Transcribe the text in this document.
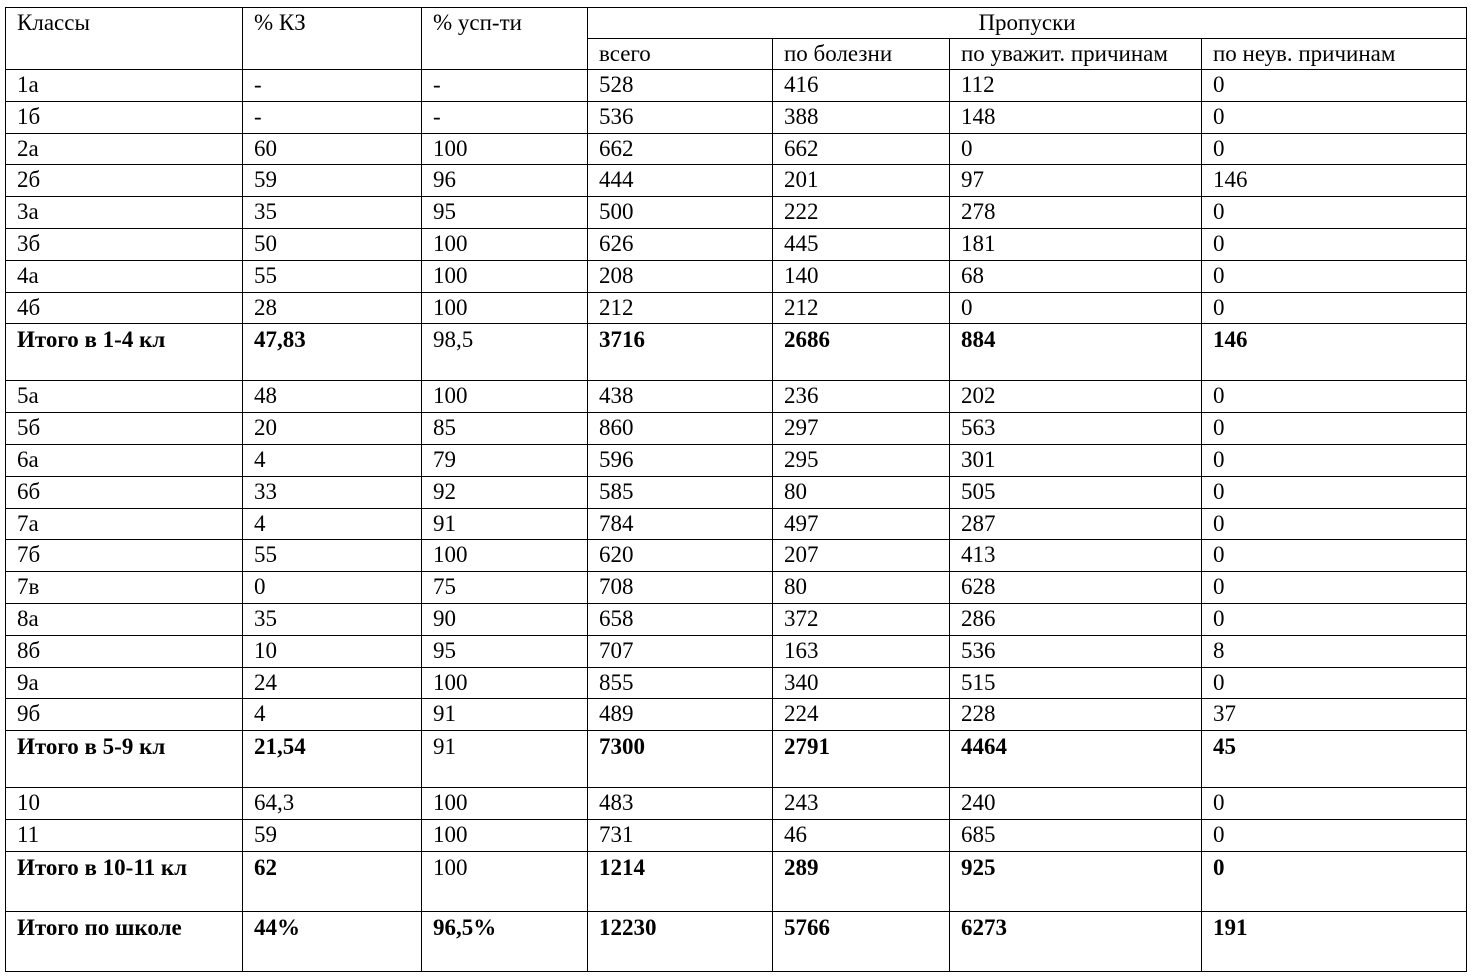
Классы	% КЗ	% усп-ти	Пропуски			
			всего	по болезни	по уважит. причинам	по неув. причинам
1а	-	-	528	416	112	0
1б	-	-	536	388	148	0
2а	60	100	662	662	0	0
2б	59	96	444	201	97	146
3а	35	95	500	222	278	0
3б	50	100	626	445	181	0
4а	55	100	208	140	68	0
4б	28	100	212	212	0	0
Итого в 1-4 кл	47,83	98,5	3716	2686	884	146
5а	48	100	438	236	202	0
5б	20	85	860	297	563	0
6а	4	79	596	295	301	0
6б	33	92	585	80	505	0
7а	4	91	784	497	287	0
7б	55	100	620	207	413	0
7в	0	75	708	80	628	0
8а	35	90	658	372	286	0
8б	10	95	707	163	536	8
9а	24	100	855	340	515	0
9б	4	91	489	224	228	37
Итого в 5-9 кл	21,54	91	7300	2791	4464	45
10	64,3	100	483	243	240	0
11	59	100	731	46	685	0
Итого в 10-11 кл	62	100	1214	289	925	0
Итого по школе	44%	96,5%	12230	5766	6273	191
